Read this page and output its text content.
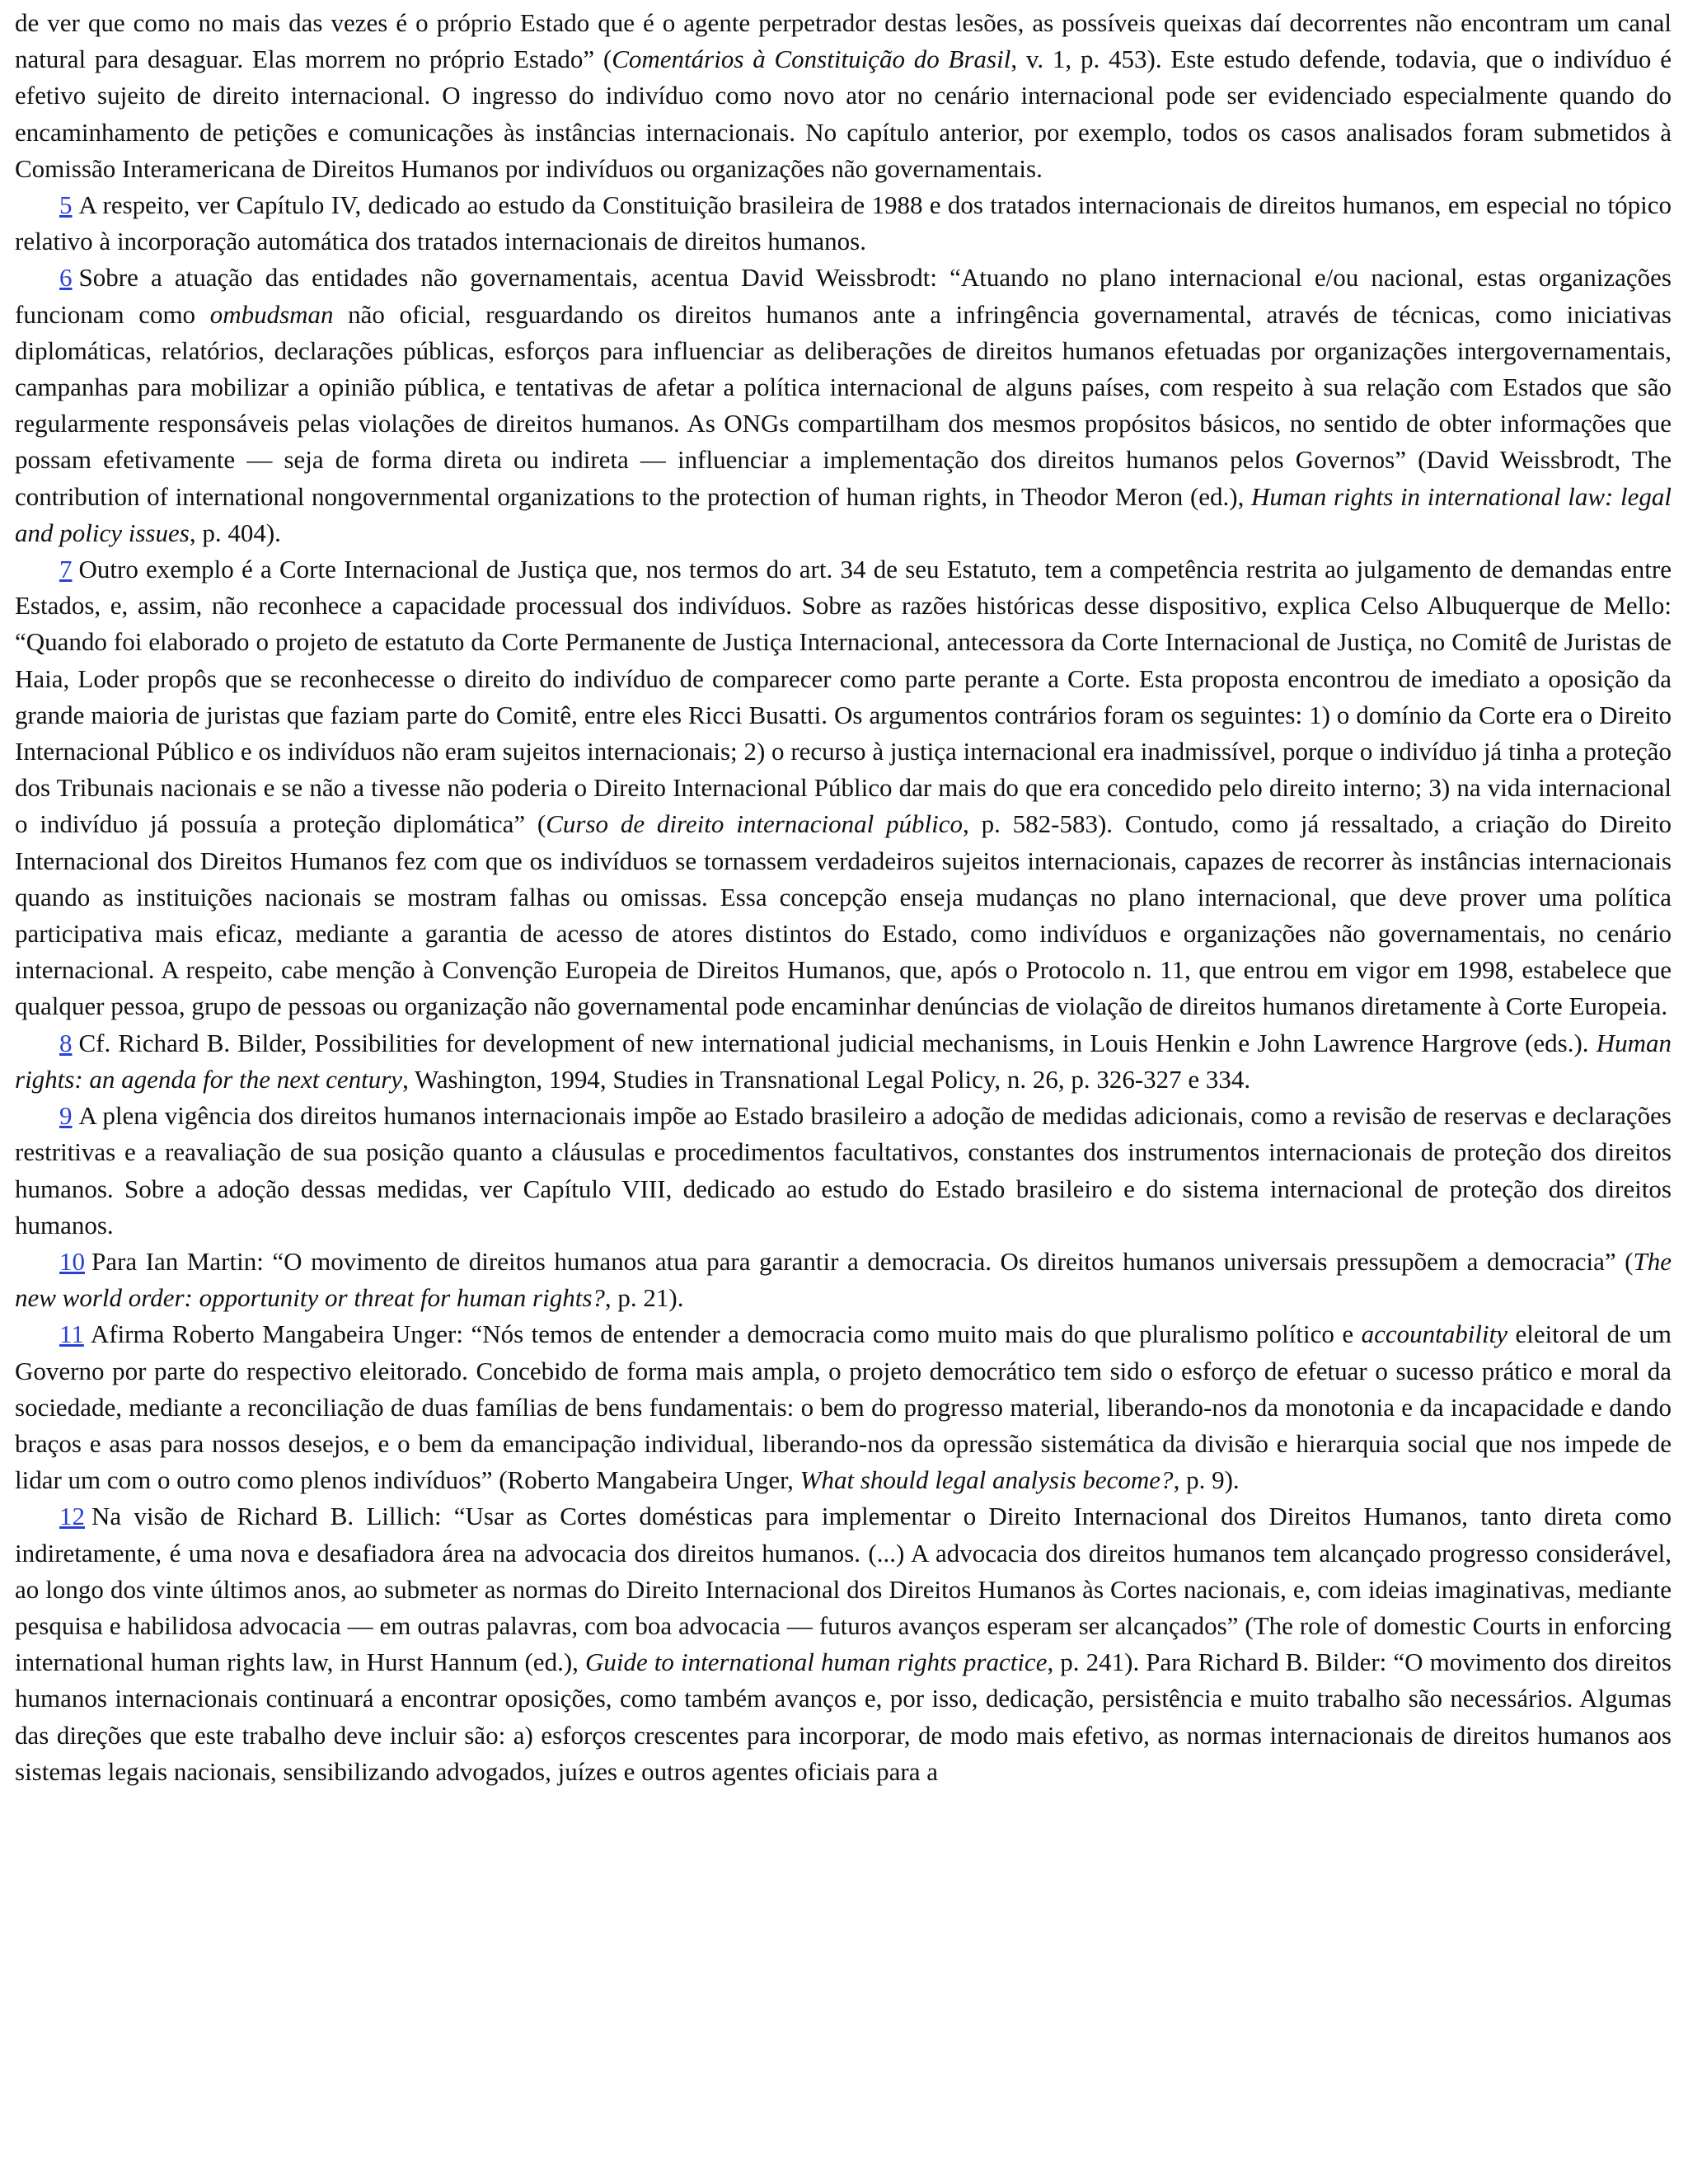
de ver que como no mais das vezes é o próprio Estado que é o agente perpetrador destas lesões, as possíveis queixas daí decorrentes não encontram um canal natural para desaguar. Elas morrem no próprio Estado” (Comentários à Constituição do Brasil, v. 1, p. 453). Este estudo defende, todavia, que o indivíduo é efetivo sujeito de direito internacional. O ingresso do indivíduo como novo ator no cenário internacional pode ser evidenciado especialmente quando do encaminhamento de petições e comunicações às instâncias internacionais. No capítulo anterior, por exemplo, todos os casos analisados foram submetidos à Comissão Interamericana de Direitos Humanos por indivíduos ou organizações não governamentais.

5 A respeito, ver Capítulo IV, dedicado ao estudo da Constituição brasileira de 1988 e dos tratados internacionais de direitos humanos, em especial no tópico relativo à incorporação automática dos tratados internacionais de direitos humanos.

6 Sobre a atuação das entidades não governamentais, acentua David Weissbrodt: “Atuando no plano internacional e/ou nacional, estas organizações funcionam como ombudsman não oficial, resguardando os direitos humanos ante a infringência governamental, através de técnicas, como iniciativas diplomáticas, relatórios, declarações públicas, esforços para influenciar as deliberações de direitos humanos efetuadas por organizações intergovernamentais, campanhas para mobilizar a opinião pública, e tentativas de afetar a política internacional de alguns países, com respeito à sua relação com Estados que são regularmente responsáveis pelas violações de direitos humanos. As ONGs compartilham dos mesmos propósitos básicos, no sentido de obter informações que possam efetivamente — seja de forma direta ou indireta — influenciar a implementação dos direitos humanos pelos Governos” (David Weissbrodt, The contribution of international nongovernmental organizations to the protection of human rights, in Theodor Meron (ed.), Human rights in international law: legal and policy issues, p. 404).

7 Outro exemplo é a Corte Internacional de Justiça que, nos termos do art. 34 de seu Estatuto, tem a competência restrita ao julgamento de demandas entre Estados, e, assim, não reconhece a capacidade processual dos indivíduos. Sobre as razões históricas desse dispositivo, explica Celso Albuquerque de Mello: “Quando foi elaborado o projeto de estatuto da Corte Permanente de Justiça Internacional, antecessora da Corte Internacional de Justiça, no Comitê de Juristas de Haia, Loder propôs que se reconhecesse o direito do indivíduo de comparecer como parte perante a Corte. Esta proposta encontrou de imediato a oposição da grande maioria de juristas que faziam parte do Comitê, entre eles Ricci Busatti. Os argumentos contrários foram os seguintes: 1) o domínio da Corte era o Direito Internacional Público e os indivíduos não eram sujeitos internacionais; 2) o recurso à justiça internacional era inadmissível, porque o indivíduo já tinha a proteção dos Tribunais nacionais e se não a tivesse não poderia o Direito Internacional Público dar mais do que era concedido pelo direito interno; 3) na vida internacional o indivíduo já possuía a proteção diplomática” (Curso de direito internacional público, p. 582-583). Contudo, como já ressaltado, a criação do Direito Internacional dos Direitos Humanos fez com que os indivíduos se tornassem verdadeiros sujeitos internacionais, capazes de recorrer às instâncias internacionais quando as instituições nacionais se mostram falhas ou omissas. Essa concepção enseja mudanças no plano internacional, que deve prover uma política participativa mais eficaz, mediante a garantia de acesso de atores distintos do Estado, como indivíduos e organizações não governamentais, no cenário internacional. A respeito, cabe menção à Convenção Europeia de Direitos Humanos, que, após o Protocolo n. 11, que entrou em vigor em 1998, estabelece que qualquer pessoa, grupo de pessoas ou organização não governamental pode encaminhar denúncias de violação de direitos humanos diretamente à Corte Europeia.

8 Cf. Richard B. Bilder, Possibilities for development of new international judicial mechanisms, in Louis Henkin e John Lawrence Hargrove (eds.). Human rights: an agenda for the next century, Washington, 1994, Studies in Transnational Legal Policy, n. 26, p. 326-327 e 334.

9 A plena vigência dos direitos humanos internacionais impõe ao Estado brasileiro a adoção de medidas adicionais, como a revisão de reservas e declarações restritivas e a reavaliação de sua posição quanto a cláusulas e procedimentos facultativos, constantes dos instrumentos internacionais de proteção dos direitos humanos. Sobre a adoção dessas medidas, ver Capítulo VIII, dedicado ao estudo do Estado brasileiro e do sistema internacional de proteção dos direitos humanos.

10 Para Ian Martin: “O movimento de direitos humanos atua para garantir a democracia. Os direitos humanos universais pressupõem a democracia” (The new world order: opportunity or threat for human rights?, p. 21).

11 Afirma Roberto Mangabeira Unger: “Nós temos de entender a democracia como muito mais do que pluralismo político e accountability eleitoral de um Governo por parte do respectivo eleitorado. Concebido de forma mais ampla, o projeto democrático tem sido o esforço de efetuar o sucesso prático e moral da sociedade, mediante a reconciliação de duas famílias de bens fundamentais: o bem do progresso material, liberando-nos da monotonia e da incapacidade e dando braços e asas para nossos desejos, e o bem da emancipação individual, liberando-nos da opressão sistemática da divisão e hierarquia social que nos impede de lidar um com o outro como plenos indivíduos” (Roberto Mangabeira Unger, What should legal analysis become?, p. 9).

12 Na visão de Richard B. Lillich: “Usar as Cortes domésticas para implementar o Direito Internacional dos Direitos Humanos, tanto direta como indiretamente, é uma nova e desafiadora área na advocacia dos direitos humanos. (...) A advocacia dos direitos humanos tem alcançado progresso considerável, ao longo dos vinte últimos anos, ao submeter as normas do Direito Internacional dos Direitos Humanos às Cortes nacionais, e, com ideias imaginativas, mediante pesquisa e habilidosa advocacia — em outras palavras, com boa advocacia — futuros avanços esperam ser alcançados” (The role of domestic Courts in enforcing international human rights law, in Hurst Hannum (ed.), Guide to international human rights practice, p. 241). Para Richard B. Bilder: “O movimento dos direitos humanos internacionais continuará a encontrar oposições, como também avanços e, por isso, dedicação, persistência e muito trabalho são necessários. Algumas das direções que este trabalho deve incluir são: a) esforços crescentes para incorporar, de modo mais efetivo, as normas internacionais de direitos humanos aos sistemas legais nacionais, sensibilizando advogados, juízes e outros agentes oficiais para a
